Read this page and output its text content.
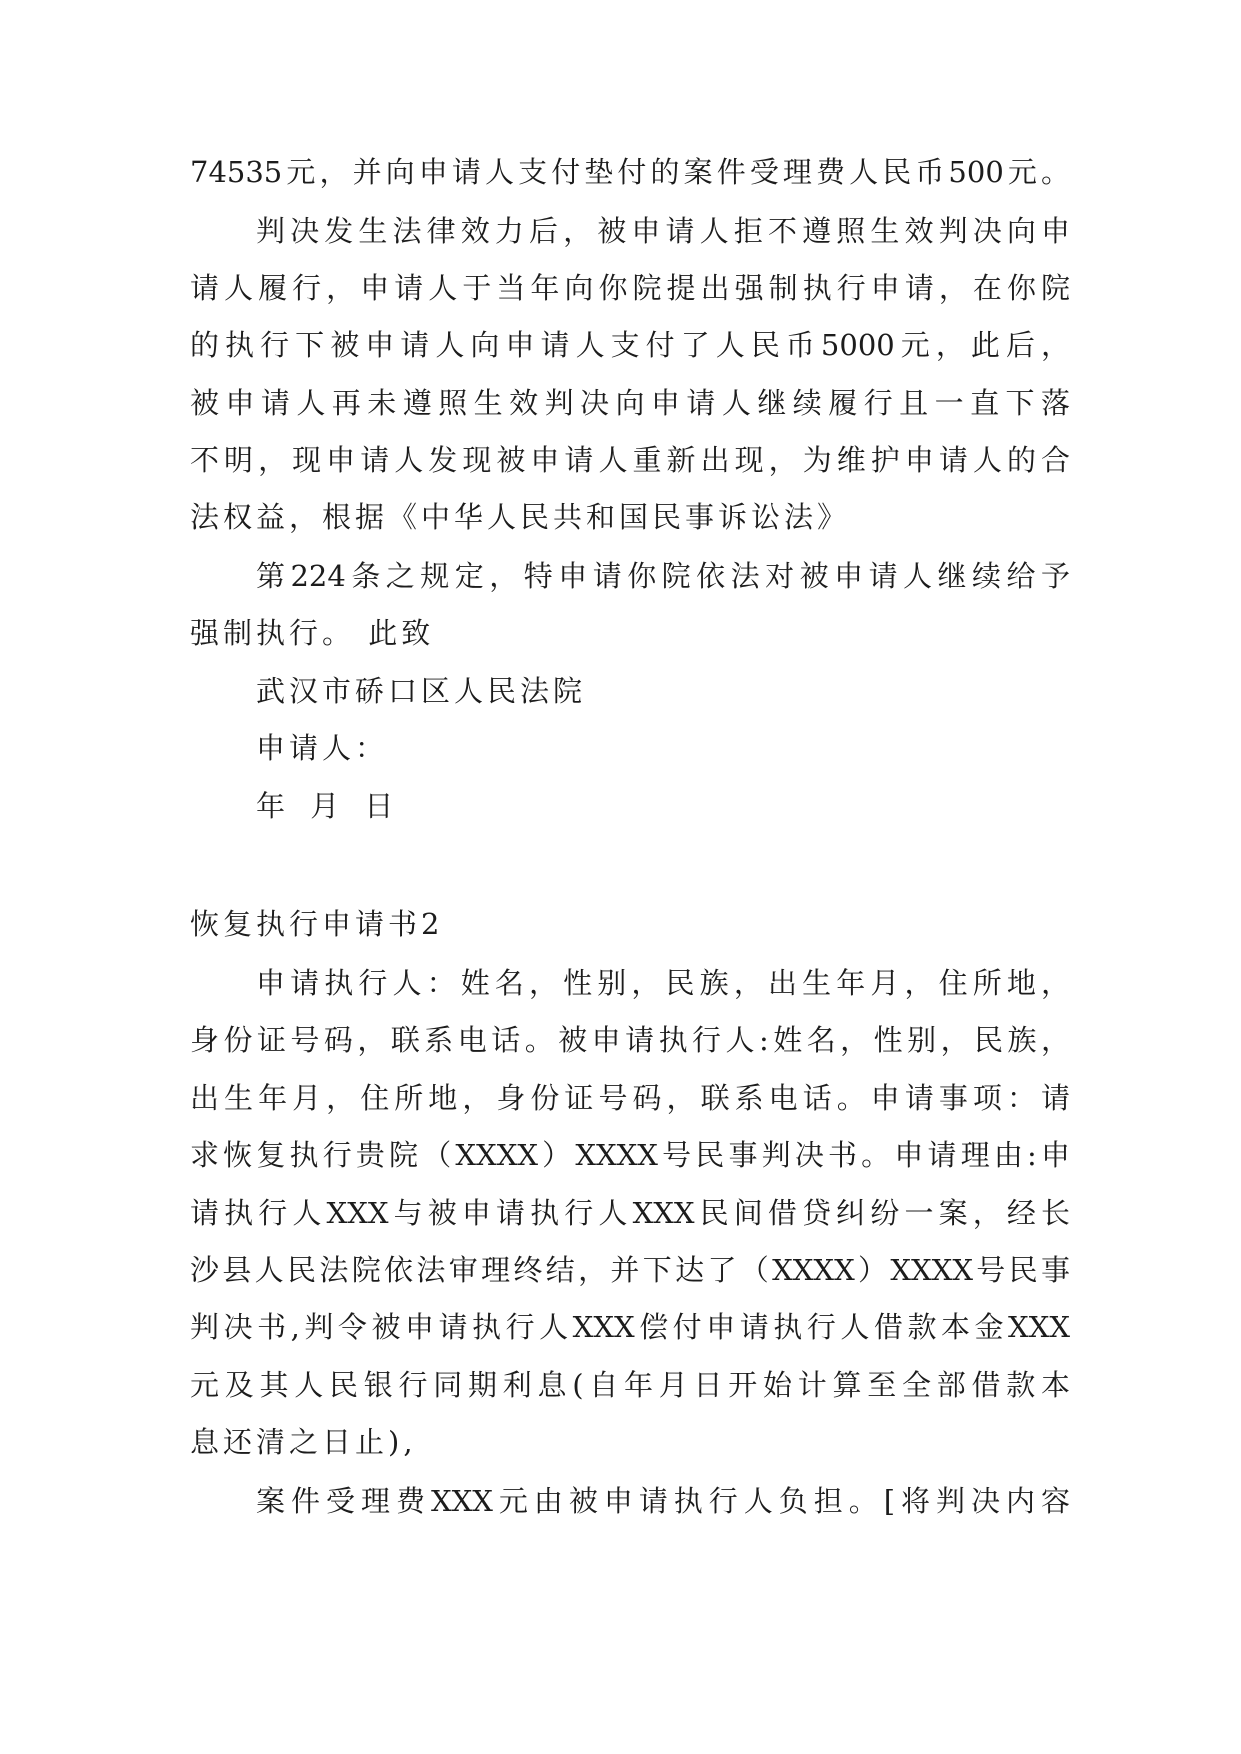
74535元，并向申请人支付垫付的案件受理费人民币500元。
判决发生法律效力后，被申请人拒不遵照生效判决向申
请人履行，申请人于当年向你院提出强制执行申请，在你院
的执行下被申请人向申请人支付了人民币5000元，此后，
被申请人再未遵照生效判决向申请人继续履行且一直下落
不明，现申请人发现被申请人重新出现，为维护申请人的合
法权益，根据《中华人民共和国民事诉讼法》
第224条之规定，特申请你院依法对被申请人继续给予
强制执行。 此致
武汉市硚口区人民法院
申请人：
年 月 日
恢复执行申请书2
申请执行人：姓名，性别，民族，出生年月，住所地，
身份证号码，联系电话。被申请执行人:姓名，性别，民族，
出生年月，住所地，身份证号码，联系电话。申请事项：请
求恢复执行贵院（XXXX）XXXX号民事判决书。申请理由:申
请执行人XXX与被申请执行人XXX民间借贷纠纷一案，经长
沙县人民法院依法审理终结，并下达了（XXXX）XXXX号民事
判决书,判令被申请执行人XXX偿付申请执行人借款本金XXX
元及其人民银行同期利息(自年月日开始计算至全部借款本
息还清之日止),
案件受理费XXX元由被申请执行人负担。[将判决内容
